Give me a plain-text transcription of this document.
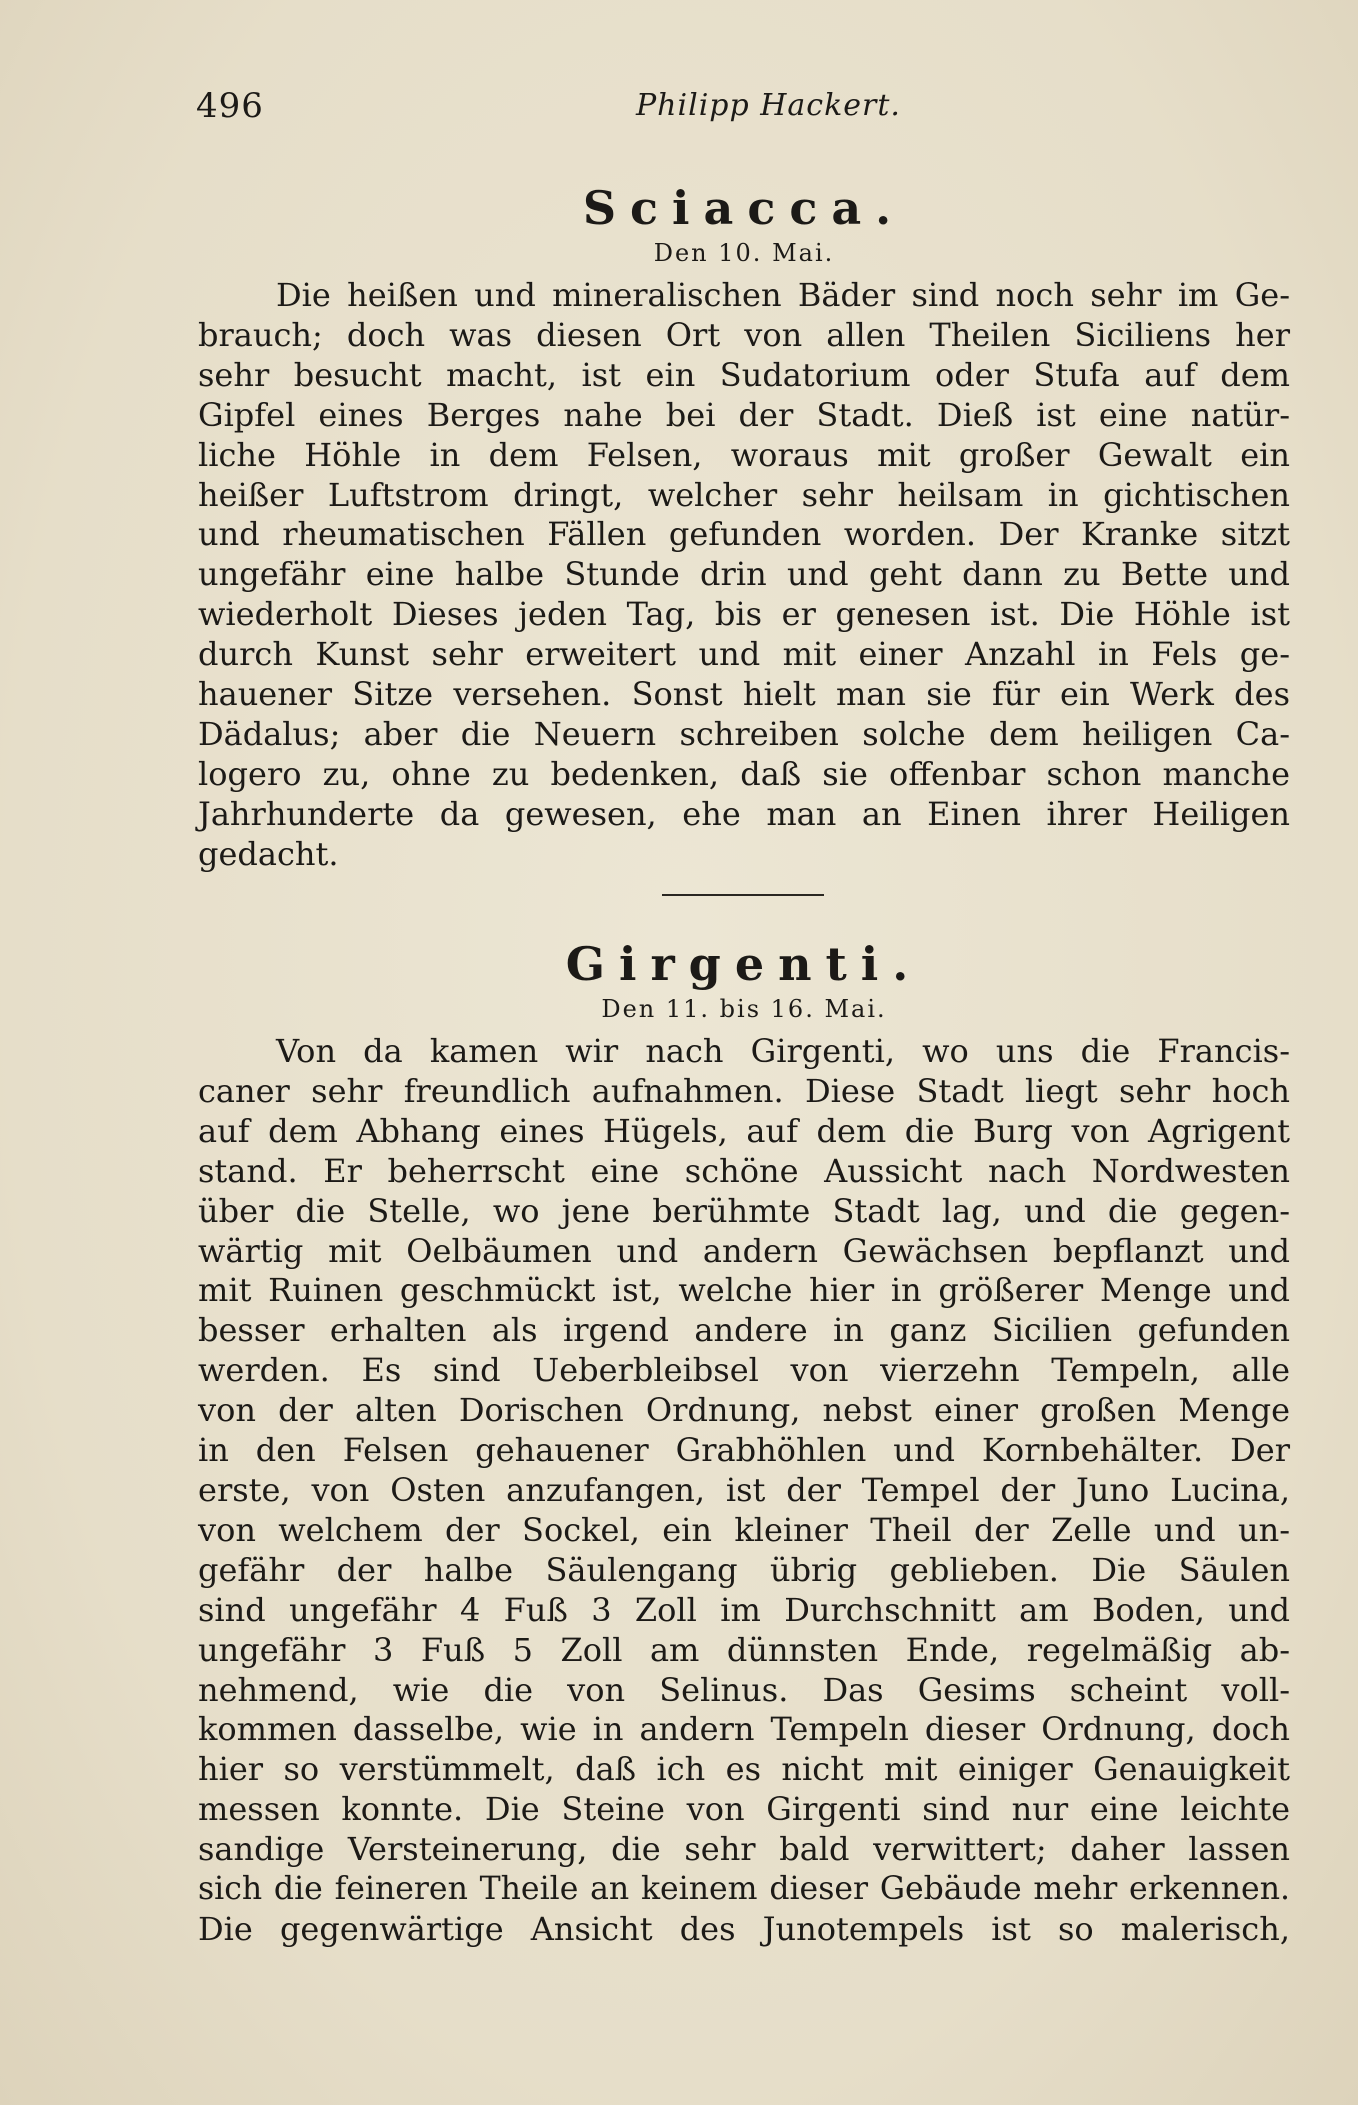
496	Philipp Hackert.
Sciacca.

Den 10. Mai.

Die heißen und mineralischen Bäder sind noch sehr im Ge-
brauch; doch was diesen Ort von allen Theilen Siciliens her
sehr besucht macht, ist ein Sudatorium oder Stufa auf dem
Gipfel eines Berges nahe bei der Stadt. Dieß ist eine natür-
liche Höhle in dem Felsen, woraus mit großer Gewalt ein
heißer Luftstrom dringt, welcher sehr heilsam in gichtischen
und rheumatischen Fällen gefunden worden. Der Kranke sitzt
ungefähr eine halbe Stunde drin und geht dann zu Bette und
wiederholt Dieses jeden Tag, bis er genesen ist. Die Höhle ist
durch Kunst sehr erweitert und mit einer Anzahl in Fels ge-
hauener Sitze versehen. Sonst hielt man sie für ein Werk des
Dädalus; aber die Neuern schreiben solche dem heiligen Ca-
logero zu, ohne zu bedenken, daß sie offenbar schon manche
Jahrhunderte da gewesen, ehe man an Einen ihrer Heiligen
gedacht.
Girgenti.

Den 11. bis 16. Mai.

Von da kamen wir nach Girgenti, wo uns die Francis-
caner sehr freundlich aufnahmen. Diese Stadt liegt sehr hoch
auf dem Abhang eines Hügels, auf dem die Burg von Agrigent
stand. Er beherrscht eine schöne Aussicht nach Nordwesten
über die Stelle, wo jene berühmte Stadt lag, und die gegen-
wärtig mit Oelbäumen und andern Gewächsen bepflanzt und
mit Ruinen geschmückt ist, welche hier in größerer Menge und
besser erhalten als irgend andere in ganz Sicilien gefunden
werden. Es sind Ueberbleibsel von vierzehn Tempeln, alle
von der alten Dorischen Ordnung, nebst einer großen Menge
in den Felsen gehauener Grabhöhlen und Kornbehälter. Der
erste, von Osten anzufangen, ist der Tempel der Juno Lucina,
von welchem der Sockel, ein kleiner Theil der Zelle und un-
gefähr der halbe Säulengang übrig geblieben. Die Säulen
sind ungefähr 4 Fuß 3 Zoll im Durchschnitt am Boden, und
ungefähr 3 Fuß 5 Zoll am dünnsten Ende, regelmäßig ab-
nehmend, wie die von Selinus. Das Gesims scheint voll-
kommen dasselbe, wie in andern Tempeln dieser Ordnung, doch
hier so verstümmelt, daß ich es nicht mit einiger Genauigkeit
messen konnte. Die Steine von Girgenti sind nur eine leichte
sandige Versteinerung, die sehr bald verwittert; daher lassen
sich die feineren Theile an keinem dieser Gebäude mehr erkennen.
Die gegenwärtige Ansicht des Junotempels ist so malerisch,
